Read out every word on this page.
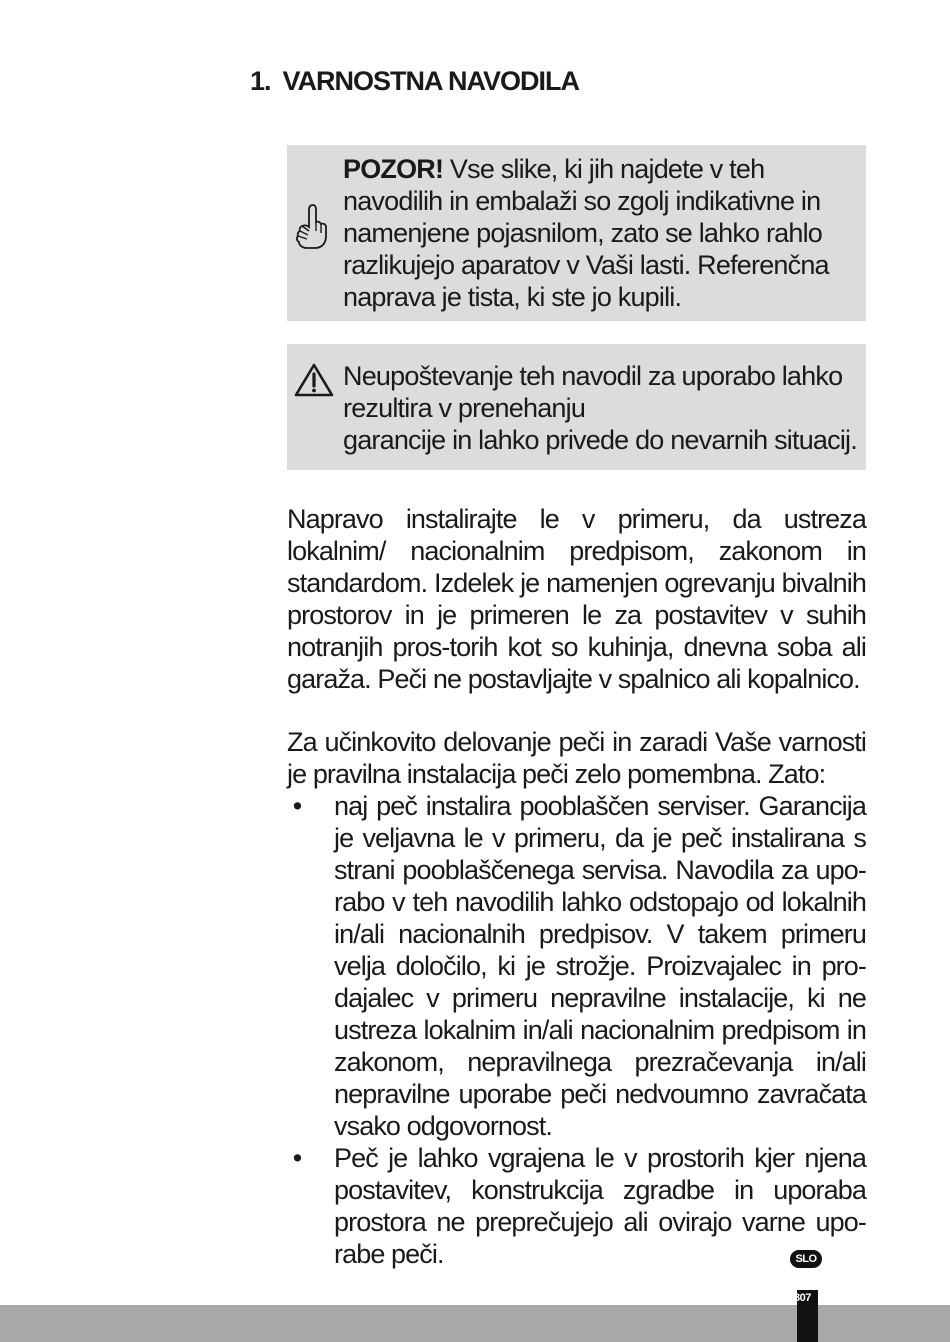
1. VARNOSTNA NAVODILA
POZOR! Vse slike, ki jih najdete v teh navodilih in embalaži so zgolj indikativne in namenjene pojasnilom, zato se lahko rahlo razlikujejo aparatov v Vaši lasti. Referenčna naprava je tista, ki ste jo kupili.
Neupoštevanje teh navodil za uporabo lahko rezultira v prenehanju
garancije in lahko privede do nevarnih situacij.

Napravo instalirajte le v primeru, da ustreza lokalnim/ nacionalnim predpisom, zakonom in standardom. Izdelek je namenjen ogrevanju bivalnih prostorov in je primeren le za postavitev v suhih notranjih pros-torih kot so kuhinja, dnevna soba ali garaža. Peči ne postavljajte v spalnico ali kopalnico.

Za učinkovito delovanje peči in zaradi Vaše varnosti je pravilna instalacija peči zelo pomembna. Zato:

• naj peč instalira pooblaščen serviser. Garancija je veljavna le v primeru, da je peč instalirana s strani pooblaščenega servisa. Navodila za upo-rabo v teh navodilih lahko odstopajo od lokalnih in/ali nacionalnih predpisov. V takem primeru velja določilo, ki je strožje. Proizvajalec in pro-dajalec v primeru nepravilne instalacije, ki ne ustreza lokalnim in/ali nacionalnim predpisom in zakonom, nepravilnega prezračevanja in/ali nepravilne uporabe peči nedvoumno zavračata vsako odgovornost.
• Peč je lahko vgrajena le v prostorih kjer njena postavitev, konstrukcija zgradbe in uporaba prostora ne preprečujejo ali ovirajo varne upo-rabe peči.	SLO
307
